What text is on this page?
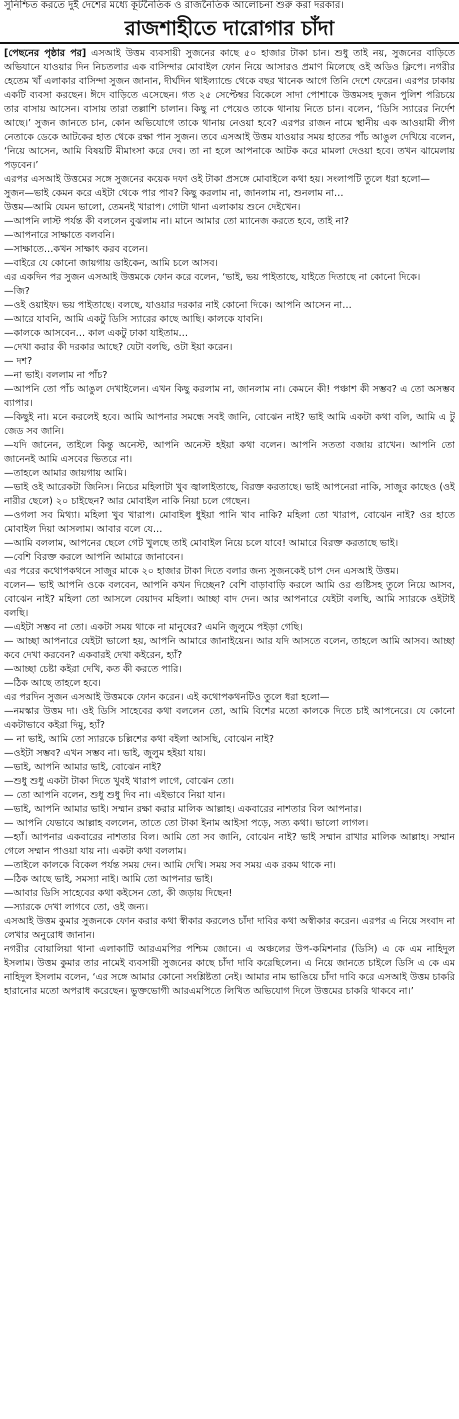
সুনিশ্চিত করতে দুই দেশের মধ্যে কূটনৈতিক ও রাজনৈতিক আলোচনা শুরু করা দরকার।
রাজশাহীতে দারোগার চাঁদা

[পেছনের পৃষ্ঠার পর] এসআই উত্তম ব্যবসায়ী সুজনের কাছে ৫০ হাজার টাকা চান। শুধু তাই নয়, সুজনের বাড়িতে অভিযানে যাওয়ার দিন নিচতলার এক বাসিন্দার মোবাইল ফোন নিয়ে আসারও প্রমাণ মিলেছে ওই অডিও ক্লিপে। নগরীর হেতেম খাঁ এলাকার বাসিন্দা সুজন জানান, দীর্ঘদিন থাইল্যান্ডে থেকে বছর খানেক আগে তিনি দেশে ফেরেন। এরপর ঢাকায় একটি ব্যবসা করছেন। ঈদে বাড়িতে এসেছেন। গত ২৫ সেপ্টেম্বর বিকেলে সাদা পোশাকে উত্তমসহ দুজন পুলিশ পরিচয়ে তার বাসায় আসেন। বাসায় তারা তল্লাশি চালান। কিছু না পেয়েও তাকে থানায় নিতে চান। বলেন, ‘ডিসি স্যারের নির্দেশ আছে।’ সুজন জানতে চান, কোন অভিযোগে তাকে থানায় নেওয়া হবে? এরপর রাজন নামে স্থানীয় এক আওয়ামী লীগ নেতাকে ডেকে আটকের হাত থেকে রক্ষা পান সুজন। তবে এসআই উত্তম যাওয়ার সময় হাতের পাঁচ আঙুল দেখিয়ে বলেন, ‘নিয়ে আসেন, আমি বিষয়টি মীমাংসা করে দেব। তা না হলে আপনাকে আটক করে মামলা দেওয়া হবে। তখন ঝামেলায় পড়বেন।’

এরপর এসআই উত্তমের সঙ্গে সুজনের কয়েক দফা ওই টাকা প্রসঙ্গে মোবাইলে কথা হয়। সংলাপটি তুলে ধরা হলো—

সুজন—ভাই কেমন করে এইটা থেকে পার পাব? কিছু করলাম না, জানলাম না, শুনলাম না…

উত্তম—আমি যেমন ভালো, তেমনই খারাপ। গোটা থানা এলাকায় শুনে দেইখেন।

—আপনি লাস্ট পর্যন্ত কী বললেন বুঝলাম না। মানে আমার তো ম্যানেজ করতে হবে, তাই না?

—আপনারে সাক্ষাতে বলবনি।

—সাক্ষাতে…কখন সাক্ষাৎ করব বলেন।

—বাইরে যে কোনো জায়গায় ডাইকেন, আমি চলে আসব।

এর একদিন পর সুজন এসআই উত্তমকে ফোন করে বলেন, ‘ভাই, ভয় পাইতাছে, যাইতে দিতাছে না কোনো দিকে।

—জি?

—ওই ওয়াইফ। ভয় পাইতাছে। বলছে, যাওয়ার দরকার নাই কোনো দিকে। আপনি আসেন না…

—আরে যাবনি, আমি একটু ডিসি স্যারের কাছে আছি। কালকে যাবনি।

—কালকে আসবেন… কাল একটু ঢাকা যাইতাম…

—দেখা করার কী দরকার আছে? যেটা বলছি, ওটা ইয়া করেন।

— দশ?

—না ভাই। বললাম না পাঁচ?

—আপনি তো পাঁচ আঙুল দেখাইলেন। এখন কিছু করলাম না, জানলাম না। কেমনে কী! পঞ্চাশ কী সম্ভব? এ তো অসম্ভব ব্যাপার।

—কিছুই না। মনে করলেই হবে। আমি আপনার সমন্ধে সবই জানি, বোঝেন নাই? ভাই আমি একটা কথা বলি, আমি এ টু জেড সব জানি।

—যদি জানেন, তাইলে কিন্তু অনেস্ট, আপনি অনেস্ট হইয়া কথা বলেন। আপনি সততা বজায় রাখেন। আপনি তো জানেনই আমি এসবের ভিতরে না।

—তাহলে আমার জায়গায় আমি।

—ভাই ওই আরেকটা জিনিস। নিচের মহিলাটা খুব জ্বালাইতাছে, বিরক্ত করতাছে। ভাই আপনেরা নাকি, সাজুর কাছেও (ওই নারীর ছেলে) ২০ চাইছেন? আর মোবাইল নাকি নিয়া চলে গেছেন।

—ওগলা সব মিথ্যা। মহিলা খুব খারাপ। মোবাইল ধুইয়া পানি খাব নাকি? মহিলা তো খারাপ, বোঝেন নাই? ওর হাতে মোবাইল দিয়া আসলাম। আবার বলে যে…

—আমি বললাম, আপনের ছেলে গেট খুলছে তাই মোবাইল নিয়ে চলে যাবে! আমারে বিরক্ত করতাছে ভাই।

—বেশি বিরক্ত করলে আপনি আমারে জানাবেন।

এর পরের কথোপকথনে সাজুর মাকে ২০ হাজার টাকা দিতে বলার জন্য সুজনকেই চাপ দেন এসআই উত্তম।

বলেন— ভাই আপনি ওকে বলবেন, আপনি কখন দিচ্ছেন? বেশি বাড়াবাড়ি করলে আমি ওর গুষ্টিসহ তুলে নিয়ে আসব, বোঝেন নাই? মহিলা তো আসলে বেয়াদব মহিলা। আচ্ছা বাদ দেন। আর আপনারে যেইটা বলছি, আমি স্যারকে ওইটাই বলছি।

—এইটা সম্ভব না তো। একটা সময় থাকে না মানুষের? এমনি জুলুমে পইড়া গেছি।

— আচ্ছা আপনারে যেইটা ভালো হয়, আপনি আমারে জানাইয়েন। আর যদি আসতে বলেন, তাহলে আমি আসব। আচ্ছা কবে দেখা করবেন? একবারই দেখা কইরেন, হ্যাঁ?

—আচ্ছা চেষ্টা কইরা দেখি, কত কী করতে পারি।

—ঠিক আছে তাহলে হবে।

এর পরদিন সুজন এসআই উত্তমকে ফোন করেন। এই কথোপকথনটিও তুলে ধরা হলো—

—নমস্কার উত্তম দা। ওই ডিসি সাহেবের কথা বললেন তো, আমি বিশের মতো কালকে দিতে চাই আপনেরে। যে কোনো একটাভাবে কইরা দিমু, হ্যাঁ?

— না ভাই, আমি তো স্যারকে চল্লিশের কথা বইলা আসছি, বোঝেন নাই?

—ওইটা সম্ভব? এখন সম্ভব না। ভাই, জুলুম হইয়া যায়।

—ভাই, আপনি আমার ভাই, বোঝেন নাই?

—শুধু শুধু একটা টাকা দিতে খুবই খারাপ লাগে, বোঝেন তো।

— তো আপনি বলেন, শুধু শুধু দিব না। এইভাবে নিয়া যান।

—ভাই, আপনি আমার ভাই। সম্মান রক্ষা করার মালিক আল্লাহ। একবারের নাশতার বিল আপনার।

— আপনি যেভাবে আল্লাহ বললেন, তাতে তো টাকা ইনাম আইসা পড়ে, সত্য কথা। ভালো লাগল।

—হ্যাঁ। আপনার একবারের নাশতার বিল। আমি তো সব জানি, বোঝেন নাই? ভাই সম্মান রাখার মালিক আল্লাহ। সম্মান গেলে সম্মান পাওয়া যায় না। একটা কথা বললাম।

—তাইলে কালকে বিকেল পর্যন্ত সময় দেন। আমি দেখি। সময় সব সময় এক রকম থাকে না।

—ঠিক আছে ভাই, সমস্যা নাই। আমি তো আপনার ভাই।

—আবার ডিসি সাহেবের কথা কইসেন তো, কী জড়ায় দিছেন!

—স্যারকে দেখা লাগবে তো, ওই জন্য।

এসআই উত্তম কুমার সুজনকে ফোন করার কথা স্বীকার করলেও চাঁদা দাবির কথা অস্বীকার করেন। এরপর এ নিয়ে সংবাদ না লেখার অনুরোধ জানান।

নগরীর বোয়ালিয়া থানা এলাকাটি আরএমপির পশ্চিম জোনে। এ অঞ্চলের উপ-কমিশনার (ডিসি) এ কে এম নাহিদুল ইসলাম। উত্তম কুমার তার নামেই ব্যবসায়ী সুজনের কাছে চাঁদা দাবি করেছিলেন। এ নিয়ে জানতে চাইলে ডিসি এ কে এম নাহিদুল ইসলাম বলেন, ‘এর সঙ্গে আমার কোনো সংশ্লিষ্টতা নেই। আমার নাম ভাঙিয়ে চাঁদা দাবি করে এসআই উত্তম চাকরি হারানোর মতো অপরাধ করেছেন। ভুক্তভোগী আরএমপিতে লিখিত অভিযোগ দিলে উত্তমের চাকরি থাকবে না।’
